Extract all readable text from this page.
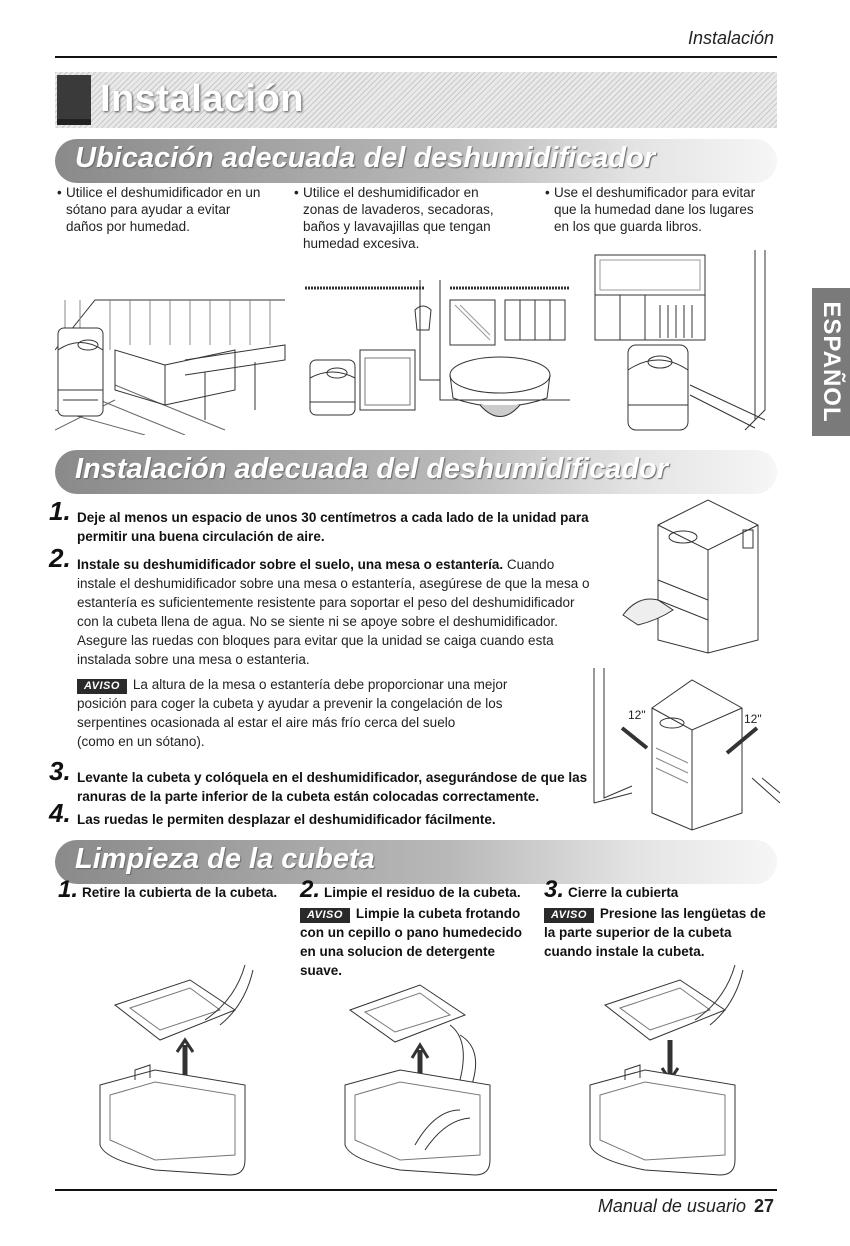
Instalación
Instalación
ESPAÑOL
Ubicación adecuada del deshumidificador
• Utilice el deshumidificador en un
sótano para ayudar a evitar
daños por humedad.
• Utilice el deshumidificador en
zonas de lavaderos, secadoras,
baños y lavavajillas que tengan
humedad excesiva.
• Use el deshumificador para evitar
que la humedad dane los lugares
en los que guarda libros.
Instalación adecuada del deshumidificador
1. Deje al menos un espacio de unos 30 centímetros a cada lado de la unidad para
permitir una buena circulación de aire.
2. Instale su deshumidificador sobre el suelo, una mesa o estantería. Cuando
instale el deshumidificador sobre una mesa o estantería, asegúrese de que la mesa o
estantería es suficientemente resistente para soportar el peso del deshumidificador
con la cubeta llena de agua. No se siente ni se apoye sobre el deshumidificador.
Asegure las ruedas con bloques para evitar que la unidad se caiga cuando esta
instalada sobre una mesa o estanteria.
AVISO La altura de la mesa o estantería debe proporcionar una mejor
posición para coger la cubeta y ayudar a prevenir la congelación de los
serpentines ocasionada al estar el aire más frío cerca del suelo
(como en un sótano).
3. Levante la cubeta y colóquela en el deshumidificador, asegurándose de que las
ranuras de la parte inferior de la cubeta están colocadas correctamente.
4. Las ruedas le permiten desplazar el deshumidificador fácilmente.
12"	12"
Limpieza de la cubeta
1. Retire la cubierta de la cubeta. 2. Limpie el residuo de la cubeta.
AVISO Limpie la cubeta frotando
con un cepillo o pano humedecido
en una solucion de detergente
suave.
3. Cierre la cubierta
AVISO Presione las lengüetas de
la parte superior de la cubeta
cuando instale la cubeta.
Manual de usuario 27
